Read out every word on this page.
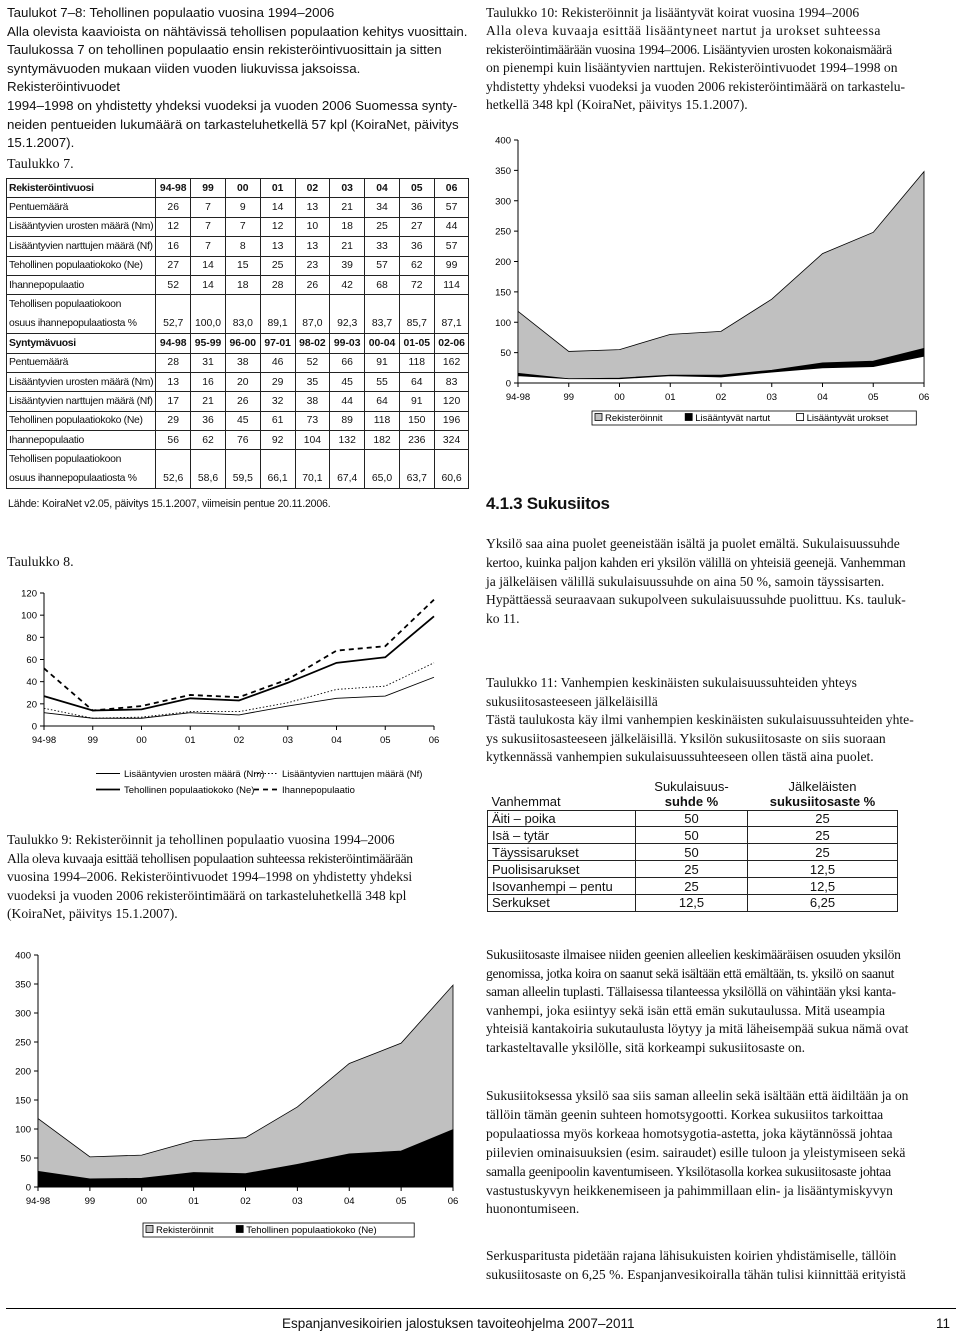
Taulukot 7–8: Tehollinen populaatio vuosina 1994–2006

Alla olevista kaavioista on nähtävissä tehollisen populaation kehitys vuosittain.

Taulukossa 7 on tehollinen populaatio ensin rekisteröintivuosittain ja sitten

syntymävuoden mukaan viiden vuoden liukuvissa jaksoissa. Rekisteröintivuodet

1994–1998 on yhdistetty yhdeksi vuodeksi ja vuoden 2006 Suomessa synty-

neiden pentueiden lukumäärä on tarkasteluhetkellä 57 kpl (KoiraNet, päivitys

15.1.2007).

Taulukko 7.
Rekisteröintivuosi	94-98	99	00	01	02	03	04	05	06
Pentuemäärä	26	7	9	14	13	21	34	36	57
Lisääntyvien urosten määrä (Nm)	12	7	7	12	10	18	25	27	44
Lisääntyvien narttujen määrä (Nf)	16	7	8	13	13	21	33	36	57
Tehollinen populaatiokoko (Ne)	27	14	15	25	23	39	57	62	99
Ihannepopulaatio	52	14	18	28	26	42	68	72	114
Tehollisen populaatiokoon									
osuus ihannepopulaatiosta %	52,7	100,0	83,0	89,1	87,0	92,3	83,7	85,7	87,1
Syntymävuosi	94-98	95-99	96-00	97-01	98-02	99-03	00-04	01-05	02-06
Pentuemäärä	28	31	38	46	52	66	91	118	162
Lisääntyvien urosten määrä (Nm)	13	16	20	29	35	45	55	64	83
Lisääntyvien narttujen määrä (Nf)	17	21	26	32	38	44	64	91	120
Tehollinen populaatiokoko (Ne)	29	36	45	61	73	89	118	150	196
Ihannepopulaatio	56	62	76	92	104	132	182	236	324
Tehollisen populaatiokoon									
osuus ihannepopulaatiosta %	52,6	58,6	59,5	66,1	70,1	67,4	65,0	63,7	60,6
Lähde: KoiraNet v2.05, päivitys 15.1.2007, viimeisin pentue 20.11.2006.
Taulukko 8.
0
20
40
60
80
100
120
94-98	99	00	01	02	03	04	05	06
Lisääntyvien urosten määrä (Nm) Lisääntyvien narttujen määrä (Nf)
Tehollinen populaatiokoko (Ne)	Ihannepopulaatio

Taulukko 9: Rekisteröinnit ja tehollinen populaatio vuosina 1994–2006

Alla oleva kuvaaja esittää tehollisen populaation suhteessa rekisteröintimäärään

vuosina 1994–2006. Rekisteröintivuodet 1994–1998 on yhdistetty yhdeksi

vuodeksi ja vuoden 2006 rekisteröintimäärä on tarkasteluhetkellä 348 kpl

(KoiraNet, päivitys 15.1.2007).

0
50
100
150
200
250
300
350
400
94-98	99	00	01	02	03	04	05	06
Rekisteröinnit	Tehollinen populaatiokoko (Ne)

Taulukko 10: Rekisteröinnit ja lisääntyvät koirat vuosina 1994–2006

Alla oleva kuvaaja esittää lisääntyneet nartut ja urokset suhteessa

rekisteröintimäärään vuosina 1994–2006. Lisääntyvien urosten kokonaismäärä

on pienempi kuin lisääntyvien narttujen. Rekisteröintivuodet 1994–1998 on

yhdistetty yhdeksi vuodeksi ja vuoden 2006 rekisteröintimäärä on tarkastelu-

hetkellä 348 kpl (KoiraNet, päivitys 15.1.2007).

0
50
100
150
200
250
300
350
400
94-98	99	00	01	02	03	04	05	06
Rekisteröinnit	Lisääntyvät nartut	Lisääntyvät urokset
4.1.3 Sukusiitos

Yksilö saa aina puolet geeneistään isältä ja puolet emältä. Sukulaisuussuhde

kertoo, kuinka paljon kahden eri yksilön välillä on yhteisiä geenejä. Vanhemman

ja jälkeläisen välillä sukulaisuussuhde on aina 50 %, samoin täyssisarten.

Hypättäessä seuraavaan sukupolveen sukulaisuussuhde puolittuu. Ks. tauluk-

ko 11.

Taulukko 11: Vanhempien keskinäisten sukulaisuussuhteiden yhteys

sukusiitosasteeseen jälkeläisillä

Tästä taulukosta käy ilmi vanhempien keskinäisten sukulaisuussuhteiden yhte-

ys sukusiitosasteeseen jälkeläisillä. Yksilön sukusiitosaste on siis suoraan

kytkennässä vanhempien sukulaisuussuhteeseen ollen tästä aina puolet.

	Sukulaisuus-	Jälkeläisten
Vanhemmat	suhde %	sukusiitosaste %
Äiti – poika	50	25
Isä – tytär	50	25
Täyssisarukset	50	25
Puolisisarukset	25	12,5
Isovanhempi – pentu	25	12,5
Serkukset	12,5	6,25

Sukusiitosaste ilmaisee niiden geenien alleelien keskimääräisen osuuden yksilön

genomissa, jotka koira on saanut sekä isältään että emältään, ts. yksilö on saanut

saman alleelin tuplasti. Tällaisessa tilanteessa yksilöllä on vähintään yksi kanta-

vanhempi, joka esiintyy sekä isän että emän sukutaulussa. Mitä useampia

yhteisiä kantakoiria sukutaulusta löytyy ja mitä läheisempää sukua nämä ovat

tarkasteltavalle yksilölle, sitä korkeampi sukusiitosaste on.

Sukusiitoksessa yksilö saa siis saman alleelin sekä isältään että äidiltään ja on

tällöin tämän geenin suhteen homotsygootti. Korkea sukusiitos tarkoittaa

populaatiossa myös korkeaa homotsygotia-astetta, joka käytännössä johtaa

piilevien ominaisuuksien (esim. sairaudet) esille tuloon ja yleistymiseen sekä

samalla geenipoolin kaventumiseen. Yksilötasolla korkea sukusiitosaste johtaa

vastustuskyvyn heikkenemiseen ja pahimmillaan elin- ja lisääntymiskyvyn

huonontumiseen.

Serkusparitusta pidetään rajana lähisukuisten koirien yhdistämiselle, tällöin

sukusiitosaste on 6,25 %. Espanjanvesikoiralla tähän tulisi kiinnittää erityistä

Espanjanvesikoirien jalostuksen tavoiteohjelma 2007–2011	11
